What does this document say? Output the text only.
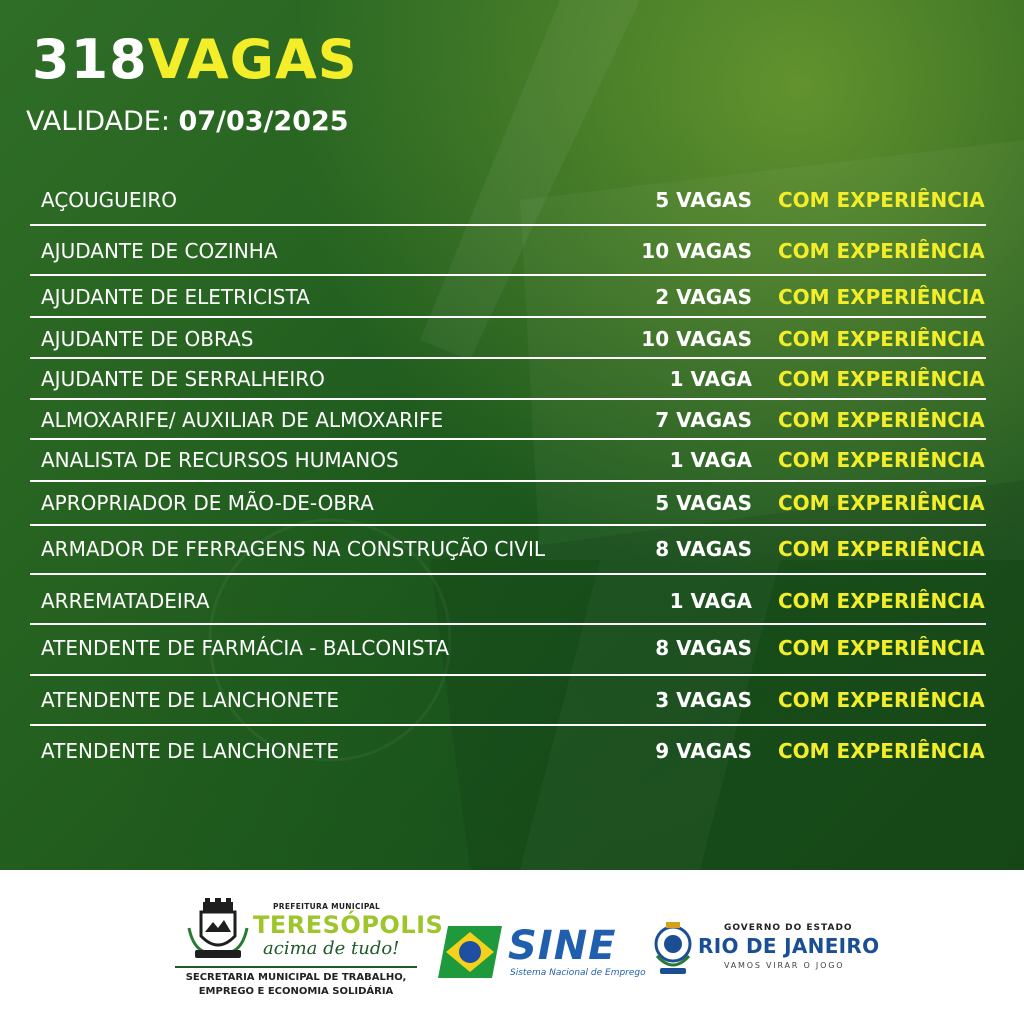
318VAGAS
VALIDADE: 07/03/2025
AÇOUGUEIRO	5 VAGAS COM EXPERIÊNCIA
AJUDANTE DE COZINHA	10 VAGAS COM EXPERIÊNCIA
AJUDANTE DE ELETRICISTA	2 VAGAS COM EXPERIÊNCIA
AJUDANTE DE OBRAS	10 VAGAS COM EXPERIÊNCIA
AJUDANTE DE SERRALHEIRO	1 VAGA COM EXPERIÊNCIA
ALMOXARIFE/ AUXILIAR DE ALMOXARIFE	7 VAGAS COM EXPERIÊNCIA
ANALISTA DE RECURSOS HUMANOS	1 VAGA COM EXPERIÊNCIA
APROPRIADOR DE MÃO-DE-OBRA	5 VAGAS COM EXPERIÊNCIA
ARMADOR DE FERRAGENS NA CONSTRUÇÃO CIVIL	8 VAGAS COM EXPERIÊNCIA
ARREMATADEIRA	1 VAGA COM EXPERIÊNCIA
ATENDENTE DE FARMÁCIA - BALCONISTA	8 VAGAS COM EXPERIÊNCIA
ATENDENTE DE LANCHONETE	3 VAGAS COM EXPERIÊNCIA
ATENDENTE DE LANCHONETE	9 VAGAS COM EXPERIÊNCIA
PREFEITURA MUNICIPAL
TERESÓPOLIS
acima de tudo!
SECRETARIA MUNICIPAL DE TRABALHO,
EMPREGO E ECONOMIA SOLIDÁRIA
SINE
Sistema Nacional de Emprego
GOVERNO DO ESTADO
RIO DE JANEIRO
VAMOS VIRAR O JOGO
